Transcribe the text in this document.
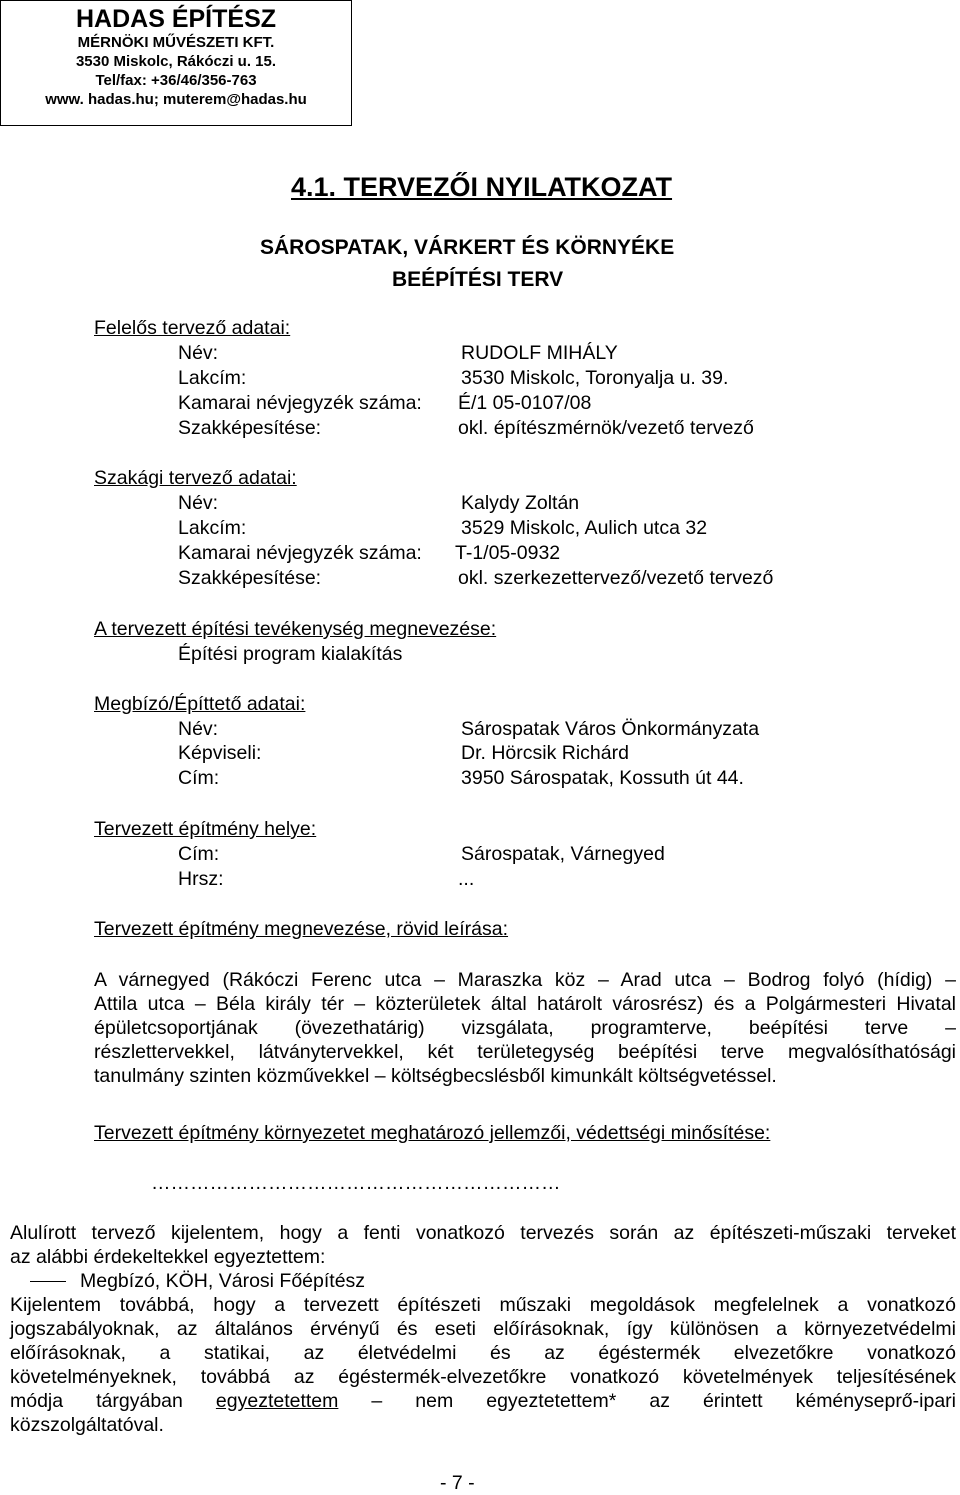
HADAS ÉPÍTÉSZ
MÉRNÖKI MŰVÉSZETI KFT.
3530 Miskolc, Rákóczi u. 15.
Tel/fax: +36/46/356-763
www. hadas.hu; muterem@hadas.hu
4.1. TERVEZŐI NYILATKOZAT
SÁROSPATAK, VÁRKERT ÉS KÖRNYÉKE
BEÉPÍTÉSI TERV
Felelős tervező adatai:
Név:	RUDOLF MIHÁLY
Lakcím:	3530 Miskolc, Toronyalja u. 39.
Kamarai névjegyzék száma: É/1 05-0107/08
Szakképesítése:	okl. építészmérnök/vezető tervező
Szakági tervező adatai:
Név:	Kalydy Zoltán
Lakcím:	3529 Miskolc, Aulich utca 32
Kamarai névjegyzék száma: T-1/05-0932
Szakképesítése:	okl. szerkezettervező/vezető tervező
A tervezett építési tevékenység megnevezése:
Építési program kialakítás
Megbízó/Építtető adatai:
Név:	Sárospatak Város Önkormányzata
Képviseli:	Dr. Hörcsik Richárd
Cím:	3950 Sárospatak, Kossuth út 44.
Tervezett építmény helye:
Cím:	Sárospatak, Várnegyed
Hrsz:	...
Tervezett építmény megnevezése, rövid leírása:

A várnegyed (Rákóczi Ferenc utca – Maraszka köz – Arad utca – Bodrog folyó (hídig) –

Attila utca – Béla király tér – közterületek által határolt városrész) és a Polgármesteri Hivatal

épületcsoportjának (övezethatárig) vizsgálata, programterve, beépítési terve –

részlettervekkel, látványtervekkel, két területegység beépítési terve megvalósíthatósági

tanulmány szinten közművekkel – költségbecslésből kimunkált költségvetéssel.

Tervezett építmény környezetet meghatározó jellemzői, védettségi minősítése:
………………………………………………………

Alulírott tervező kijelentem, hogy a fenti vonatkozó tervezés során az építészeti-műszaki terveket

az alábbi érdekeltekkel egyeztettem:

Megbízó, KÖH, Városi Főépítész

Kijelentem továbbá, hogy a tervezett építészeti műszaki megoldások megfelelnek a vonatkozó

jogszabályoknak, az általános érvényű és eseti előírásoknak, így különösen a környezetvédelmi

előírásoknak, a statikai, az életvédelmi és az égéstermék elvezetőkre vonatkozó

követelményeknek, továbbá az égéstermék-elvezetőkre vonatkozó követelmények teljesítésének

módja tárgyában egyeztetettem – nem egyeztetettem* az érintett kéményseprő-ipari

közszolgáltatóval.

- 7 -
